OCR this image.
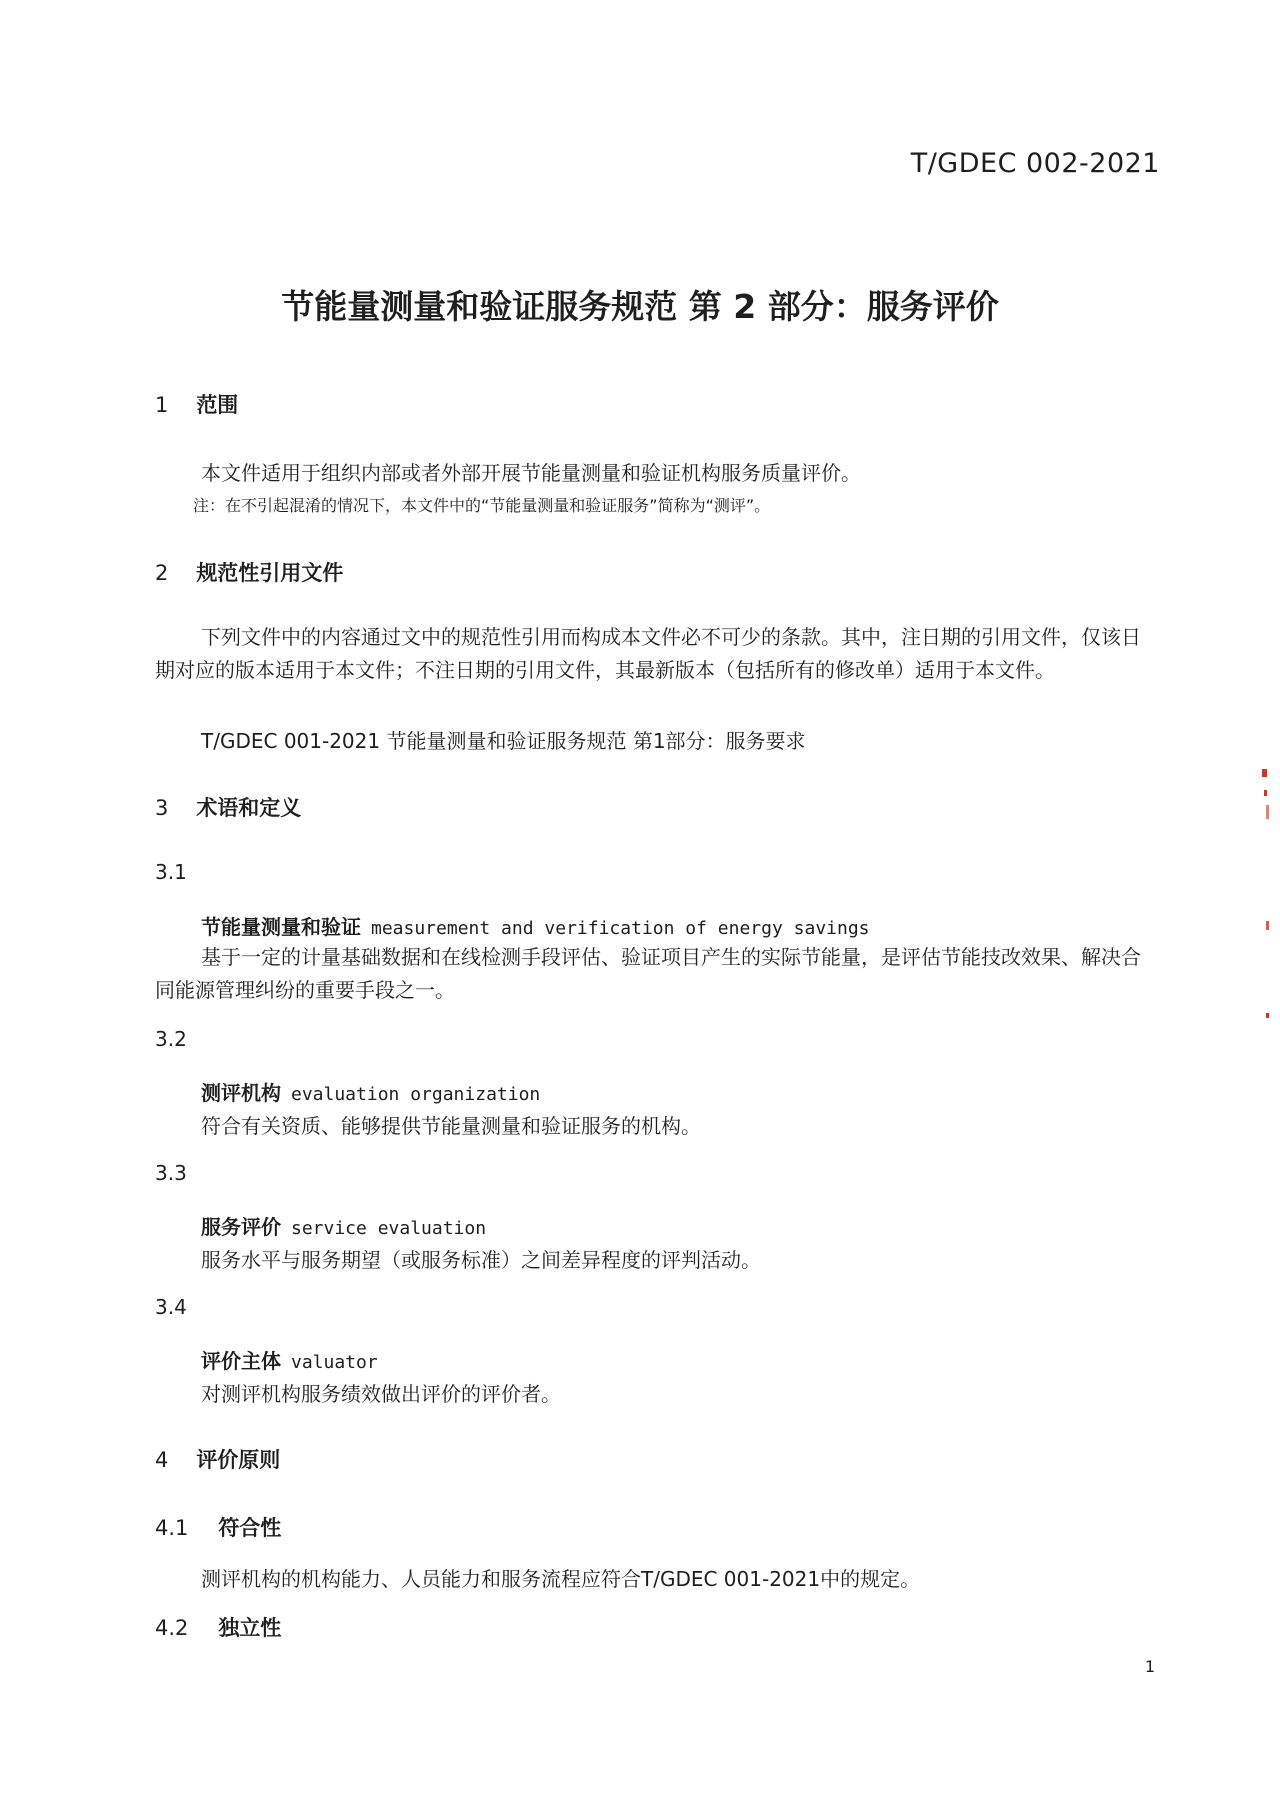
T/GDEC 002-2021
节能量测量和验证服务规范 第 2 部分：服务评价
1 范围
本文件适用于组织内部或者外部开展节能量测量和验证机构服务质量评价。
注：在不引起混淆的情况下，本文件中的“节能量测量和验证服务”简称为“测评”。
2 规范性引用文件

下列文件中的内容通过文中的规范性引用而构成本文件必不可少的条款。其中，注日期的引用文件，仅该日期对应的版本适用于本文件；不注日期的引用文件，其最新版本（包括所有的修改单）适用于本文件。

T/GDEC 001-2021 节能量测量和验证服务规范 第1部分：服务要求
3 术语和定义
3.1
节能量测量和验证 measurement and verification of energy savings

基于一定的计量基础数据和在线检测手段评估、验证项目产生的实际节能量，是评估节能技改效果、解决合同能源管理纠纷的重要手段之一。

3.2
测评机构 evaluation organization
符合有关资质、能够提供节能量测量和验证服务的机构。
3.3
服务评价 service evaluation
服务水平与服务期望（或服务标准）之间差异程度的评判活动。
3.4
评价主体 valuator
对测评机构服务绩效做出评价的评价者。
4 评价原则
4.1 符合性
测评机构的机构能力、人员能力和服务流程应符合T/GDEC 001-2021中的规定。
4.2 独立性
1
